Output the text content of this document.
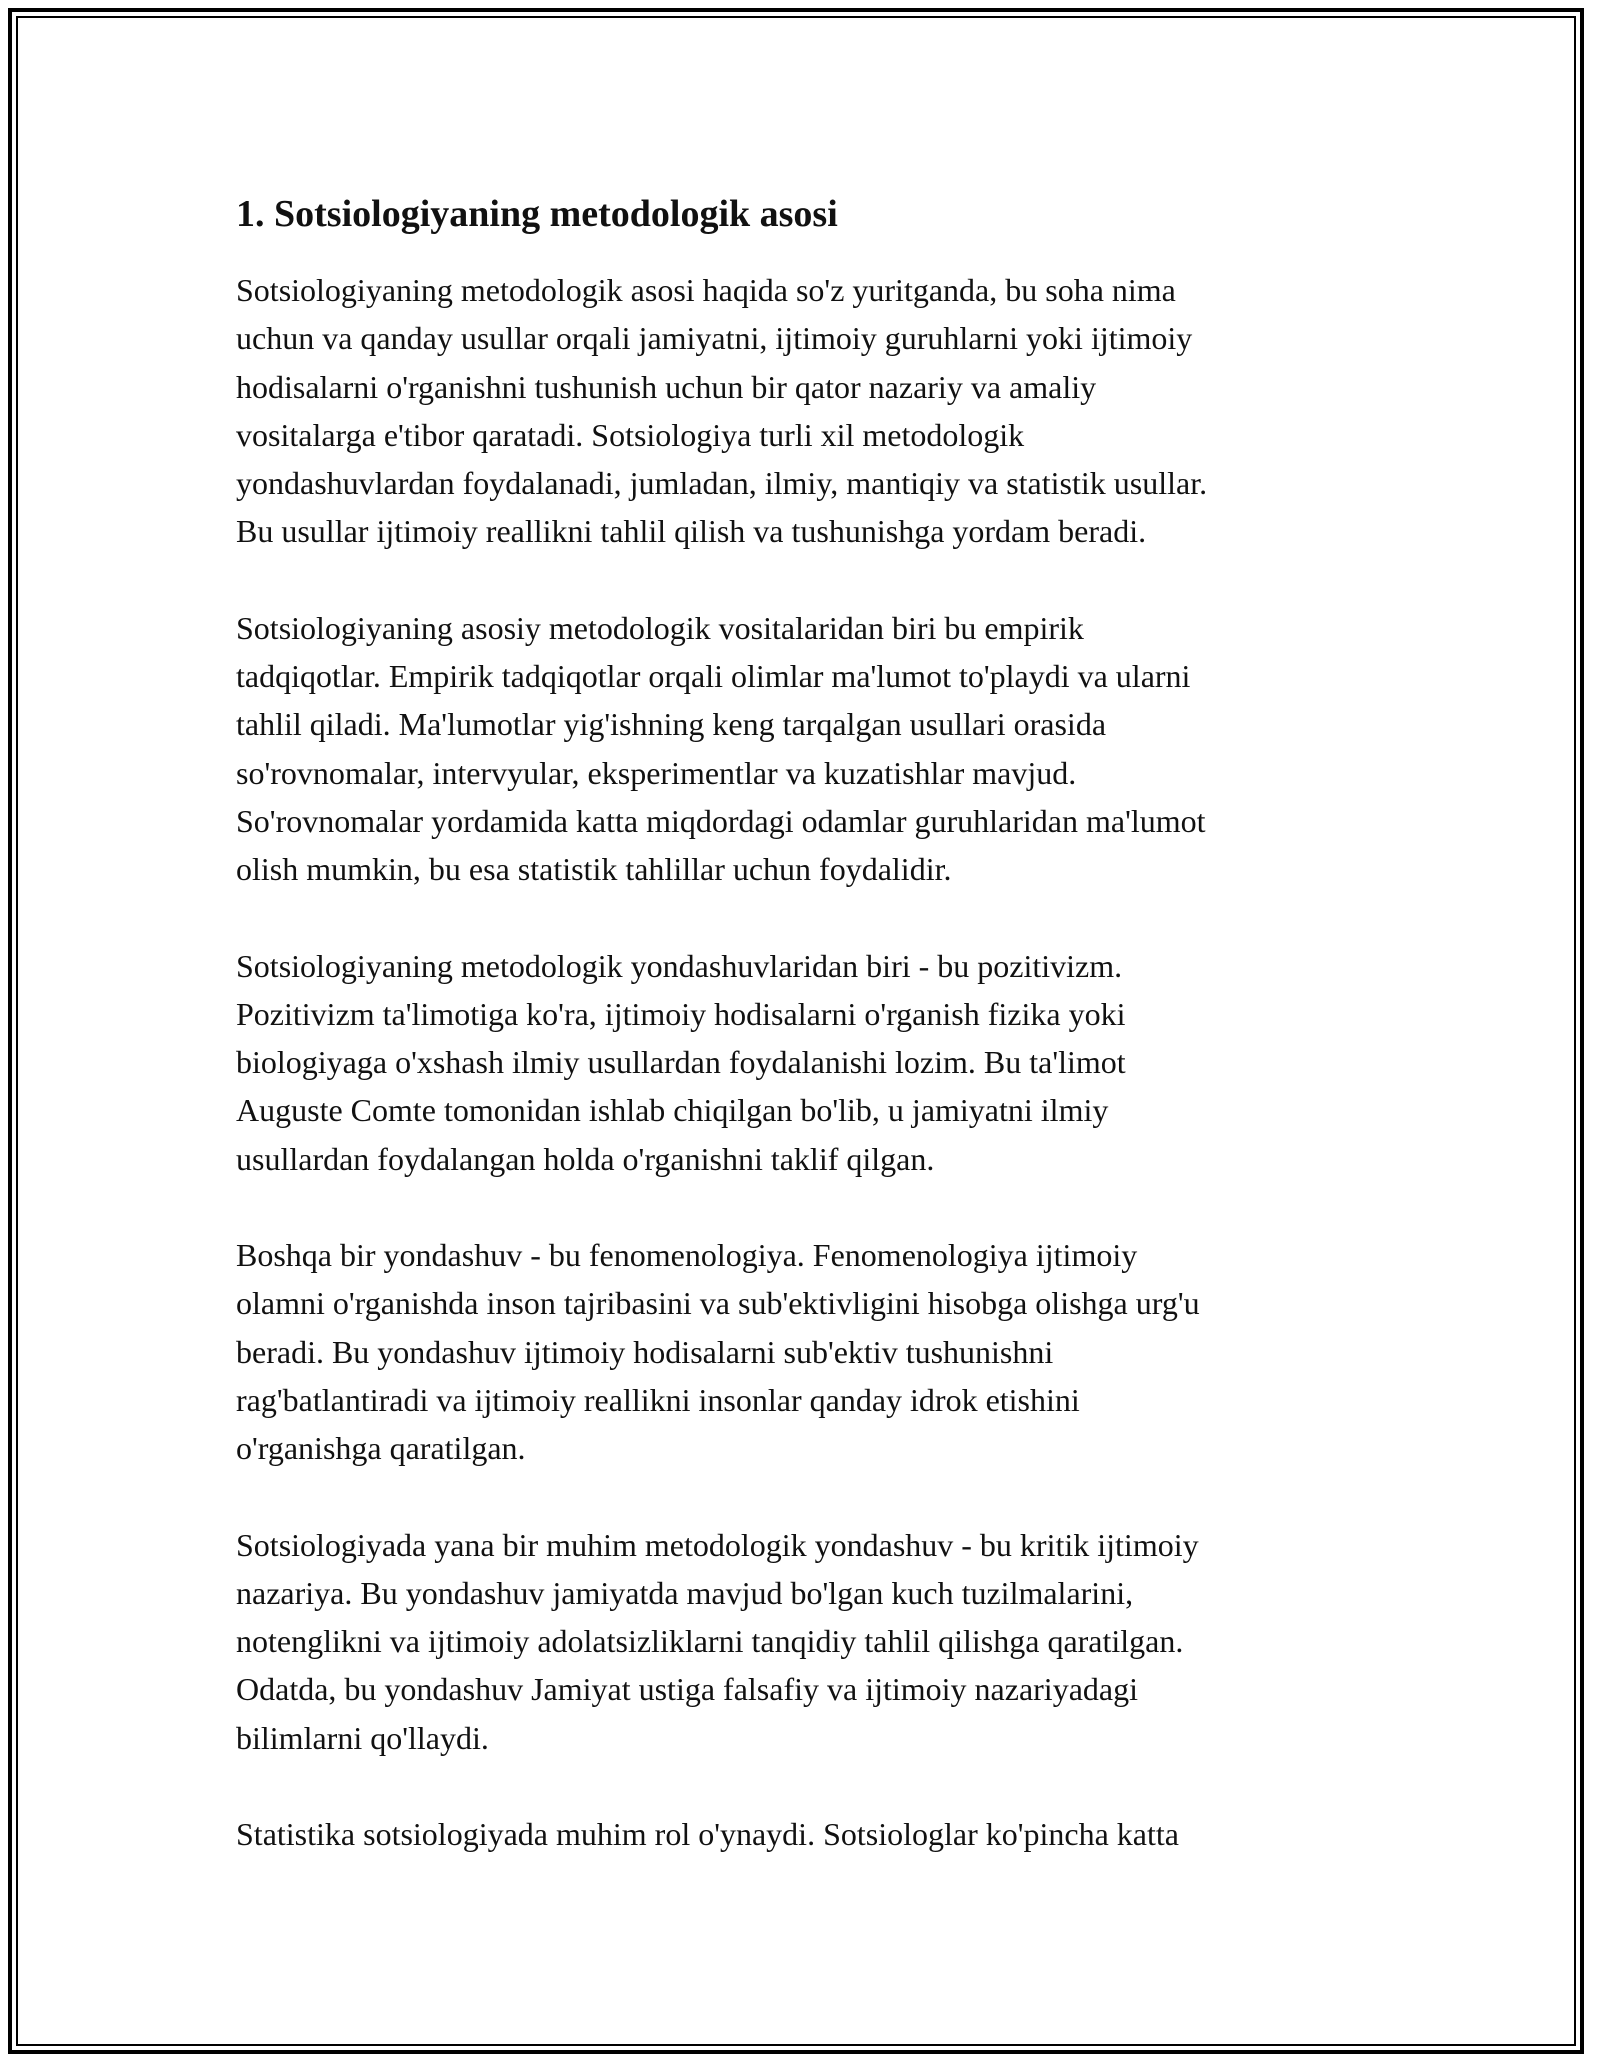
1. Sotsiologiyaning metodologik asosi

Sotsiologiyaning metodologik asosi haqida so'z yuritganda, bu soha nima
uchun va qanday usullar orqali jamiyatni, ijtimoiy guruhlarni yoki ijtimoiy
hodisalarni o'rganishni tushunish uchun bir qator nazariy va amaliy
vositalarga e'tibor qaratadi. Sotsiologiya turli xil metodologik
yondashuvlardan foydalanadi, jumladan, ilmiy, mantiqiy va statistik usullar.
Bu usullar ijtimoiy reallikni tahlil qilish va tushunishga yordam beradi.

Sotsiologiyaning asosiy metodologik vositalaridan biri bu empirik
tadqiqotlar. Empirik tadqiqotlar orqali olimlar ma'lumot to'playdi va ularni
tahlil qiladi. Ma'lumotlar yig'ishning keng tarqalgan usullari orasida
so'rovnomalar, intervyular, eksperimentlar va kuzatishlar mavjud.
So'rovnomalar yordamida katta miqdordagi odamlar guruhlaridan ma'lumot
olish mumkin, bu esa statistik tahlillar uchun foydalidir.

Sotsiologiyaning metodologik yondashuvlaridan biri - bu pozitivizm.
Pozitivizm ta'limotiga ko'ra, ijtimoiy hodisalarni o'rganish fizika yoki
biologiyaga o'xshash ilmiy usullardan foydalanishi lozim. Bu ta'limot
Auguste Comte tomonidan ishlab chiqilgan bo'lib, u jamiyatni ilmiy
usullardan foydalangan holda o'rganishni taklif qilgan.

Boshqa bir yondashuv - bu fenomenologiya. Fenomenologiya ijtimoiy
olamni o'rganishda inson tajribasini va sub'ektivligini hisobga olishga urg'u
beradi. Bu yondashuv ijtimoiy hodisalarni sub'ektiv tushunishni
rag'batlantiradi va ijtimoiy reallikni insonlar qanday idrok etishini
o'rganishga qaratilgan.

Sotsiologiyada yana bir muhim metodologik yondashuv - bu kritik ijtimoiy
nazariya. Bu yondashuv jamiyatda mavjud bo'lgan kuch tuzilmalarini,
notenglikni va ijtimoiy adolatsizliklarni tanqidiy tahlil qilishga qaratilgan.
Odatda, bu yondashuv Jamiyat ustiga falsafiy va ijtimoiy nazariyadagi
bilimlarni qo'llaydi.

Statistika sotsiologiyada muhim rol o'ynaydi. Sotsiologlar ko'pincha katta
